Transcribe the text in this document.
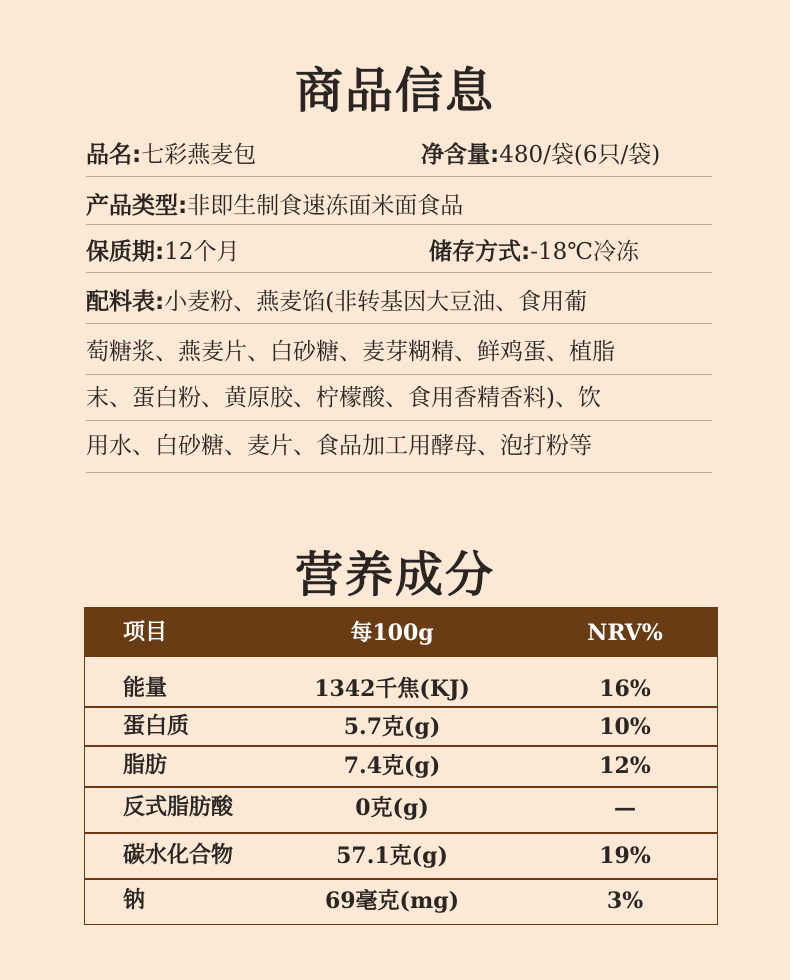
商品信息
品名:七彩燕麦包	净含量:480/袋(6只/袋)
产品类型:非即生制食速冻面米面食品
保质期:12个月	储存方式:-18℃冷冻
配料表:小麦粉、燕麦馅(非转基因大豆油、食用葡
萄糖浆、燕麦片、白砂糖、麦芽糊精、鲜鸡蛋、植脂
末、蛋白粉、黄原胶、柠檬酸、食用香精香料)、饮
用水、白砂糖、麦片、食品加工用酵母、泡打粉等
营养成分
项目	每100g	NRV%
能量	1342千焦(KJ)	16%
蛋白质	5.7克(g)	10%
脂肪	7.4克(g)	12%
反式脂肪酸	0克(g)	—
碳水化合物	57.1克(g)	19%
钠	69毫克(mg)	3%
